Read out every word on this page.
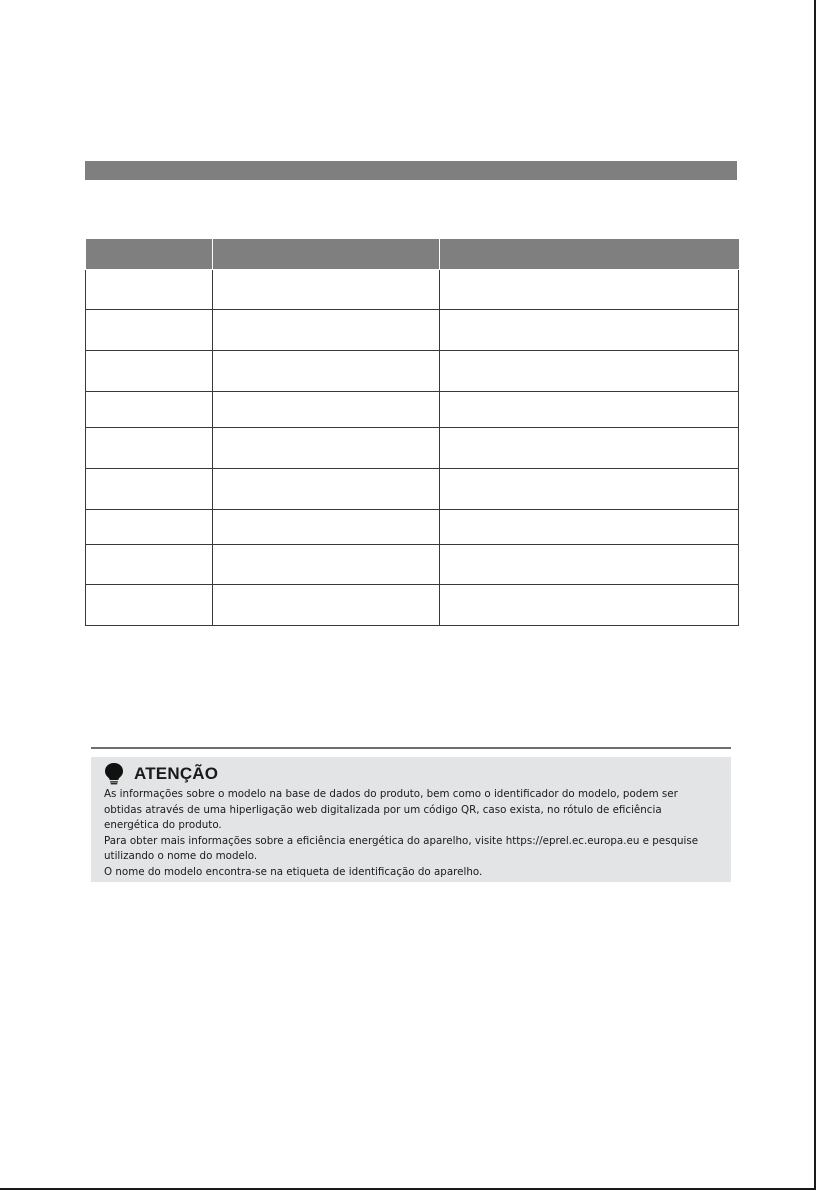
ATENÇÃO

As informações sobre o modelo na base de dados do produto, bem como o identificador do modelo, podem ser
obtidas através de uma hiperligação web digitalizada por um código QR, caso exista, no rótulo de eficiência
energética do produto.
Para obter mais informações sobre a eficiência energética do aparelho, visite https://eprel.ec.europa.eu e pesquise
utilizando o nome do modelo.
O nome do modelo encontra-se na etiqueta de identificação do aparelho.
